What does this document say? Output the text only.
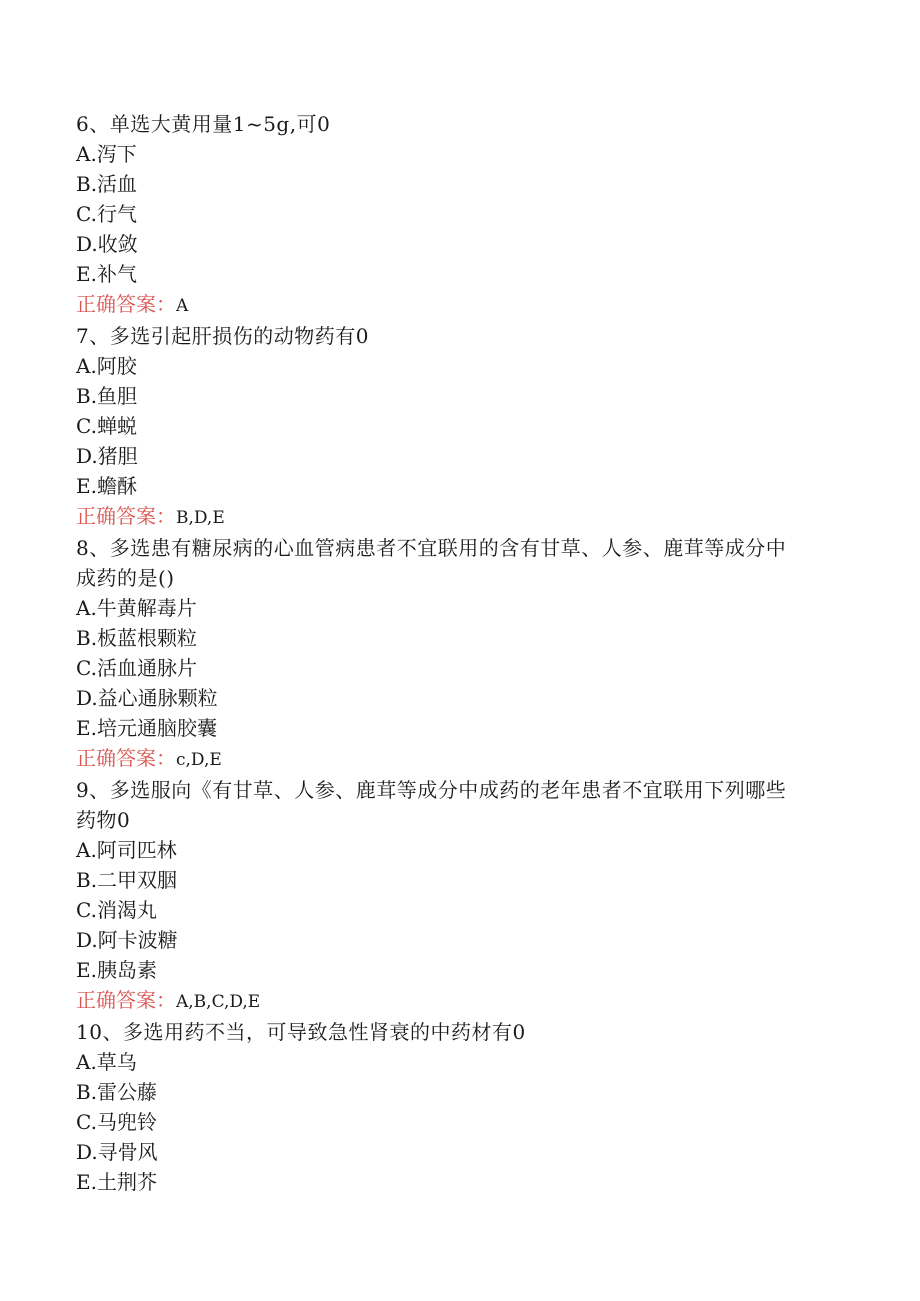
6、单选大黄用量1~5g,可0

A.泻下

B.活血

C.行气

D.收敛

E.补气

正确答案：A

7、多选引起肝损伤的动物药有0

A.阿胶

B.鱼胆

C.蝉蜕

D.猪胆

E.蟾酥

正确答案：B,D,E

8、多选患有糖尿病的心血管病患者不宜联用的含有甘草、人参、鹿茸等成分中

成药的是()

A.牛黄解毒片

B.板蓝根颗粒

C.活血通脉片

D.益心通脉颗粒

E.培元通脑胶囊

正确答案：c,D,E

9、多选服向《有甘草、人参、鹿茸等成分中成药的老年患者不宜联用下列哪些

药物0

A.阿司匹林

B.二甲双胭

C.消渴丸

D.阿卡波糖

E.胰岛素

正确答案：A,B,C,D,E

10、多选用药不当，可导致急性肾衰的中药材有0

A.草乌

B.雷公藤

C.马兜铃

D.寻骨风

E.土荆芥
